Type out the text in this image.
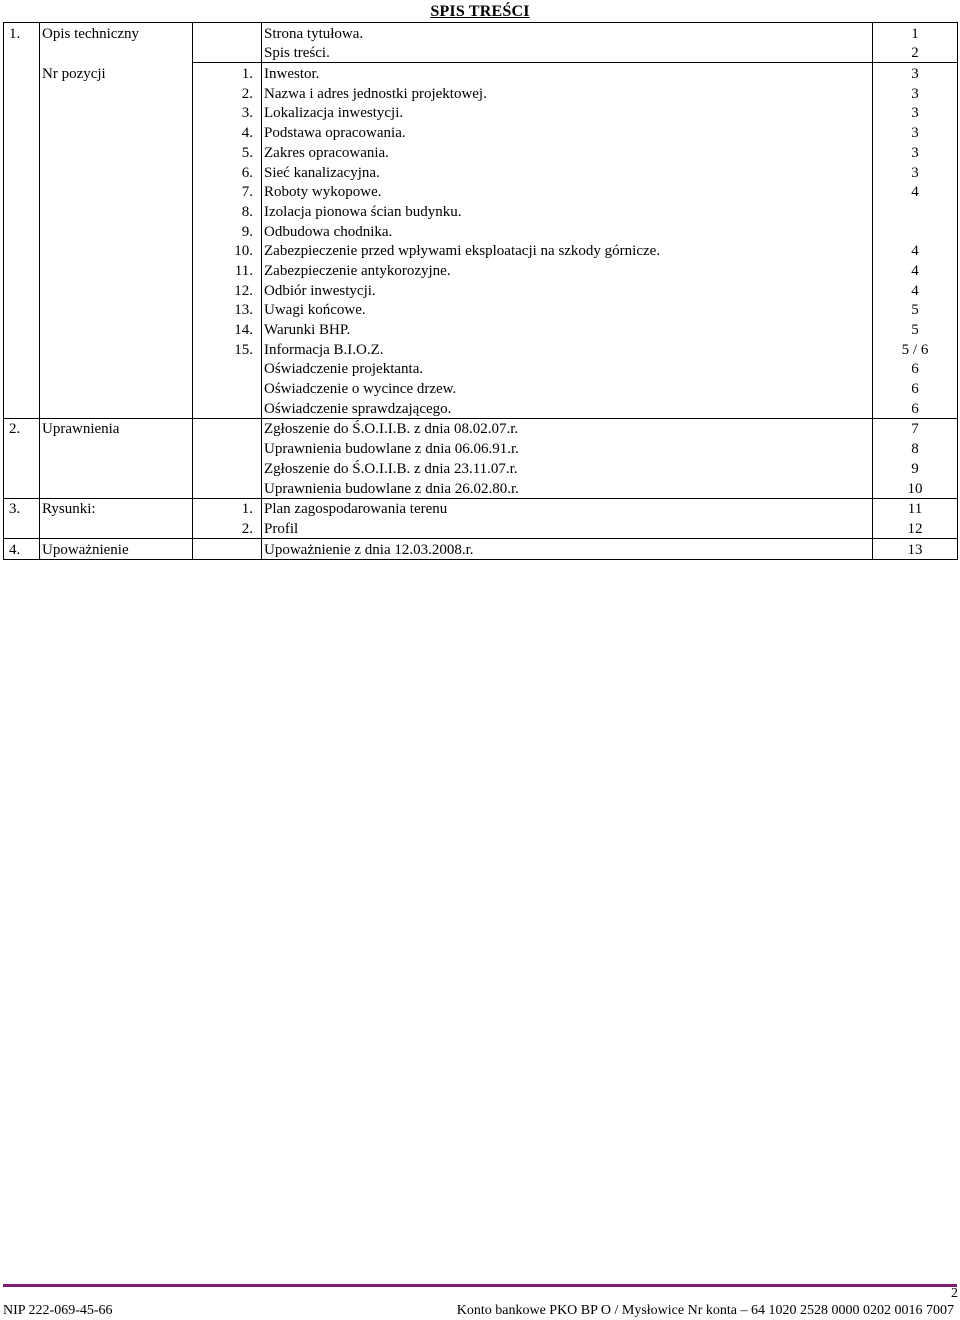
SPIS TREŚCI
1.	Opis techniczny		Strona tytułowa.	1
			Spis treści.	2
	Nr pozycji	1.	Inwestor.	3
		2.	Nazwa i adres jednostki projektowej.	3
		3.	Lokalizacja inwestycji.	3
		4.	Podstawa opracowania.	3
		5.	Zakres opracowania.	3
		6.	Sieć kanalizacyjna.	3
		7.	Roboty wykopowe.	4
		8.	Izolacja pionowa ścian budynku.	
		9.	Odbudowa chodnika.	
		10.	Zabezpieczenie przed wpływami eksploatacji na szkody górnicze.	4
		11.	Zabezpieczenie antykorozyjne.	4
		12.	Odbiór inwestycji.	4
		13.	Uwagi końcowe.	5
		14.	Warunki BHP.	5
		15.	Informacja B.I.O.Z.	5 / 6
			Oświadczenie projektanta.	6
			Oświadczenie o wycince drzew.	6
			Oświadczenie sprawdzającego.	6
2.	Uprawnienia		Zgłoszenie do Ś.O.I.I.B. z dnia 08.02.07.r.	7
			Uprawnienia budowlane z dnia 06.06.91.r.	8
			Zgłoszenie do Ś.O.I.I.B. z dnia 23.11.07.r.	9
			Uprawnienia budowlane z dnia 26.02.80.r.	10
3.	Rysunki:	1.	Plan zagospodarowania terenu	11
		2.	Profil	12
4.	Upoważnienie		Upoważnienie z dnia 12.03.2008.r.	13
2
NIP 222-069-45-66	Konto bankowe PKO BP O / Mysłowice Nr konta – 64 1020 2528 0000 0202 0016 7007
